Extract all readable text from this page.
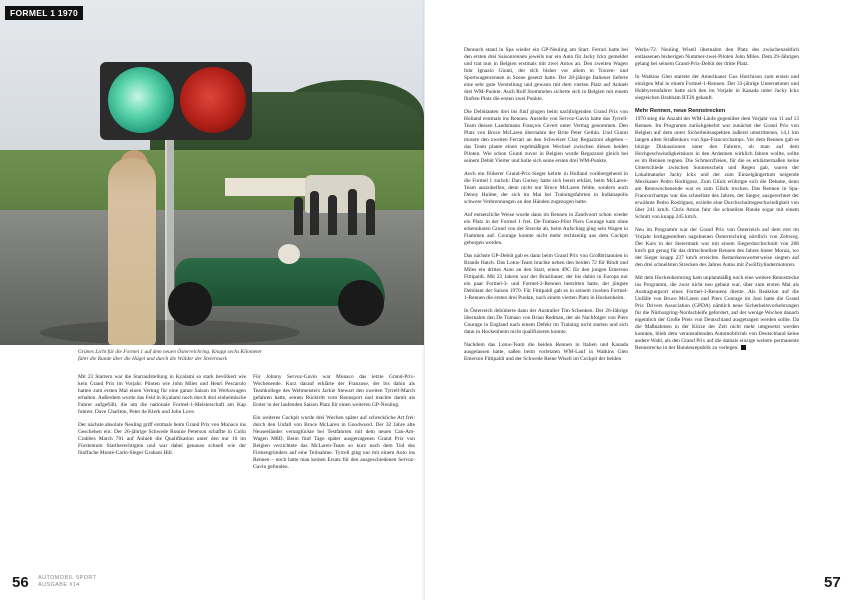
FORMEL 1 1970
Grünes Licht für die Formel 1 auf dem neuen Österreichring. Knapp sechs Kilometer führt die Runde über die Hügel und durch die Wälder der Steiermark

Mit 23 Startern war die Startaufstellung in Kyalami so stark bevölkert wie kein Grand Prix im Vorjahr. Piloten wie John Miles und Henri Pescarolo hatten zum ersten Mal einen Vertrag für eine ganze Saison im Werkswagen erhalten. Außerdem wurde das Feld in Kyalami noch durch drei einheimische Fahrer aufgefüllt, die um die nationale Formel-1-Meisterschaft am Kap fuhren: Dave Charlton, Peter de Klerk und John Love.

Der nächste absolute Neuling griff erstmals beim Grand Prix von Monaco ins Geschehen ein: Der 26-jährige Schwede Ronnie Peterson schaffte in Colin Crabbes March 701 auf Anhieb die Qualifikation unter den nur 16 im Fürstentum Startberechtigten und war dabei genauso schnell wie der fünffache Monte-Carlo-Sieger Graham Hill.

Für Johnny Servoz-Gavin war Monaco das letzte Grand-Prix-Wochenende. Kurz darauf erklärte der Franzose, der bis dahin als Teamkollege des Weltmeisters Jackie Stewart den zweiten Tyrrell-March gefahren hatte, seinen Rücktritt vom Rennsport und machte damit als Erster in der laufenden Saison Platz für einen weiteren GP-Neuling.

Ein weiteres Cockpit wurde drei Wochen später auf schreckliche Art frei: durch den Unfall von Bruce McLaren in Goodwood. Der 32 Jahre alte Neuseeländer verunglückte bei Testfahrten mit dem neuen Can-Am-Wagen M8D. Beim fünf Tage später ausgetragenen Grand Prix von Belgien verzichtete das McLaren-Team so kurz nach dem Tod des Firmengründers auf eine Teilnahme. Tyrrell ging nur mit einem Auto ins Rennen – noch hatte man keinen Ersatz für den ausgeschiedenen Servoz-Gavin gefunden.

56 AUTOMOBIL SPORT
AUSGABE #14

Dennoch stand in Spa wieder ein GP-Neuling am Start. Ferrari hatte bei den ersten drei Saisonrennen jeweils nur ein Auto für Jacky Ickx gemeldet und trat nun in Belgien erstmals mit zwei Autos an. Den zweiten Wagen fuhr Ignazio Giunti, der sich bisher vor allem in Touren- und Sportwagenrennen in Szene gesetzt hatte. Der 28-jährige Italiener lieferte eine sehr gute Vorstellung und gewann mit dem vierten Platz auf Anhieb drei WM-Punkte. Auch Rolf Stommelen sicherte sich in Belgien mit einem fünften Platz die ersten zwei Punkte.

Die Debütanten drei bis fünf gingen beim nachfolgenden Grand Prix von Holland erstmals ins Rennen. Anstelle von Servoz-Gavin hatte das Tyrrell-Team dessen Landsmann François Cevert unter Vertrag genommen. Den Platz von Bruce McLaren übernahm der Brite Peter Gethin. Und Giunti musste den zweiten Ferrari an den Schweizer Clay Regazzoni abgeben – das Team plante einen regelmäßigen Wechsel zwischen diesen beiden Piloten. Wie schon Giunti zuvor in Belgien wurde Regazzoni gleich bei seinem Debüt Vierter und holte sich seine ersten drei WM-Punkte.

Auch ein früherer Grand-Prix-Sieger kehrte in Holland vorübergehend in die Formel 1 zurück: Dan Gurney hatte sich bereit erklärt, beim McLaren-Team auszuhelfen, denn nicht nur Bruce McLaren fehlte, sondern auch Denny Hulme, der sich im Mai bei Trainingsfahrten in Indianapolis schwere Verbrennungen an den Händen zugezogen hatte.

Auf entsetzliche Weise wurde dann im Rennen in Zandvoort schon wieder ein Platz in der Formel 1 frei. De-Tomaso-Pilot Piers Courage kam ohne erkennbaren Grund von der Strecke ab, beim Aufschlag ging sein Wagen in Flammen auf. Courage konnte nicht mehr rechtzeitig aus dem Cockpit geborgen werden.

Das nächste GP-Debüt gab es dann beim Grand Prix von Großbritannien in Brands Hatch. Das Lotus-Team brachte neben den beiden 72 für Rindt und Miles ein drittes Auto an den Start, einen 49C für den jungen Emerson Fittipaldi. Mit 23 Jahren war der Brasilianer, der bis dahin in Europa nur ein paar Formel-3- und Formel-2-Rennen bestritten hatte, der jüngste Debütant der Saison 1970. Für Fittipaldi gab es in seinem zweiten Formel-1-Rennen die ersten drei Punkte, nach einem vierten Platz in Hockenheim.

In Österreich debütierte dann der Australier Tim Schenken. Der 26-Jährige übernahm den De Tomaso von Brian Redman, der als Nachfolger von Piers Courage in England nach einem Defekt im Training nicht starten und sich dann in Hockenheim nicht qualifizieren konnte.

Nachdem das Lotus-Team die beiden Rennen in Italien und Kanada ausgelassen hatte, saßen beim vorletzten WM-Lauf in Watkins Glen Emerson Fittipaldi und der Schwede Reine Wisell im Cockpit der beiden

Werks-72. Neuling Wisell übernahm den Platz des zwischenzeitlich entlassenen bisherigen Nummer-zwei-Piloten John Miles. Dem 29-Jährigen gelang bei seinem Grand-Prix-Debüt der dritte Platz.

In Watkins Glen startete der Amerikaner Gus Hutchison zum ersten und einzigen Mal in einem Formel-1-Rennen. Der 33-jährige Unternehmer und Hobbyrennfahrer hatte sich den im Vorjahr in Kanada unter Jacky Ickx siegreichen Brabham BT26 gekauft.

Mehr Rennen, neue Rennstrecken

1970 stieg die Anzahl der WM-Läufe gegenüber dem Vorjahr von 11 auf 13 Rennen. Im Programm zurückgekehrt war zunächst der Grand Prix von Belgien auf dem unter Sicherheitsaspekten äußerst umstrittenen, 14,1 km langen alten Straßenkurs von Spa-Francorchamps. Vor dem Rennen gab es hitzige Diskussionen unter den Fahrern, ob man auf dem Hochgeschwindigkeitskurs in den Ardennen wirklich fahren wollte, sollte es im Rennen regnen. Die Schmerzfreien, für die es erklärtermaßen keine Unterschiede zwischen Sonnenschein und Regen gab, waren der Lokalmatador Jacky Ickx und der zum Einzelgängertum neigende Mexikaner Pedro Rodríguez. Zum Glück erübrigte sich die Debatte, denn am Rennwochenende war es zum Glück trocken. Das Rennen in Spa-Francorchamps war das schnellste des Jahres, der Sieger, ausgerechnet der erwähnte Pedro Rodríguez, erzielte eine Durchschnittsgeschwindigkeit von über 241 km/h. Chris Amon fuhr die schnellste Runde sogar mit einem Schnitt von knapp 245 km/h.

Neu im Programm war der Grand Prix von Österreich auf dem erst im Vorjahr fertiggestellten nagelneuen Österreichring nördlich von Zeltweg. Der Kurs in der Steiermark war mit einem Siegerdurchschnitt von 208 km/h gut genug für das drittschnellste Rennen des Jahres hinter Monza, wo der Sieger knapp 237 km/h erreichte. Bemerkenswerterweise siegten auf den drei schnellsten Strecken des Jahres Autos mit Zwölfzylindermotoren.

Mit dem Hockenheimring kam unplanmäßig noch eine weitere Rennstrecke ins Programm, die zwar nicht neu gebaut war, über zum ersten Mal als Austragungsort eines Formel-1-Rennens diente. Als Reaktion auf die Unfälle von Bruce McLaren und Piers Courage im Juni hatte die Grand Prix Drivers Association (GPDA) nämlich neue Sicherheitsvorkehrungen für die Nürburgring-Nordschleife gefordert, auf der wenige Wochen danach eigentlich der Große Preis von Deutschland ausgetragen werden sollte. Da die Maßnahmen in der Kürze der Zeit nicht mehr umgesetzt werden konnten, blieb dem veranstaltenden Automobilclub von Deutschland keine andere Wahl, als den Grand Prix auf die damals einzige weitere permanente Rennstrecke in der Bundesrepublik zu verlegen.

57
